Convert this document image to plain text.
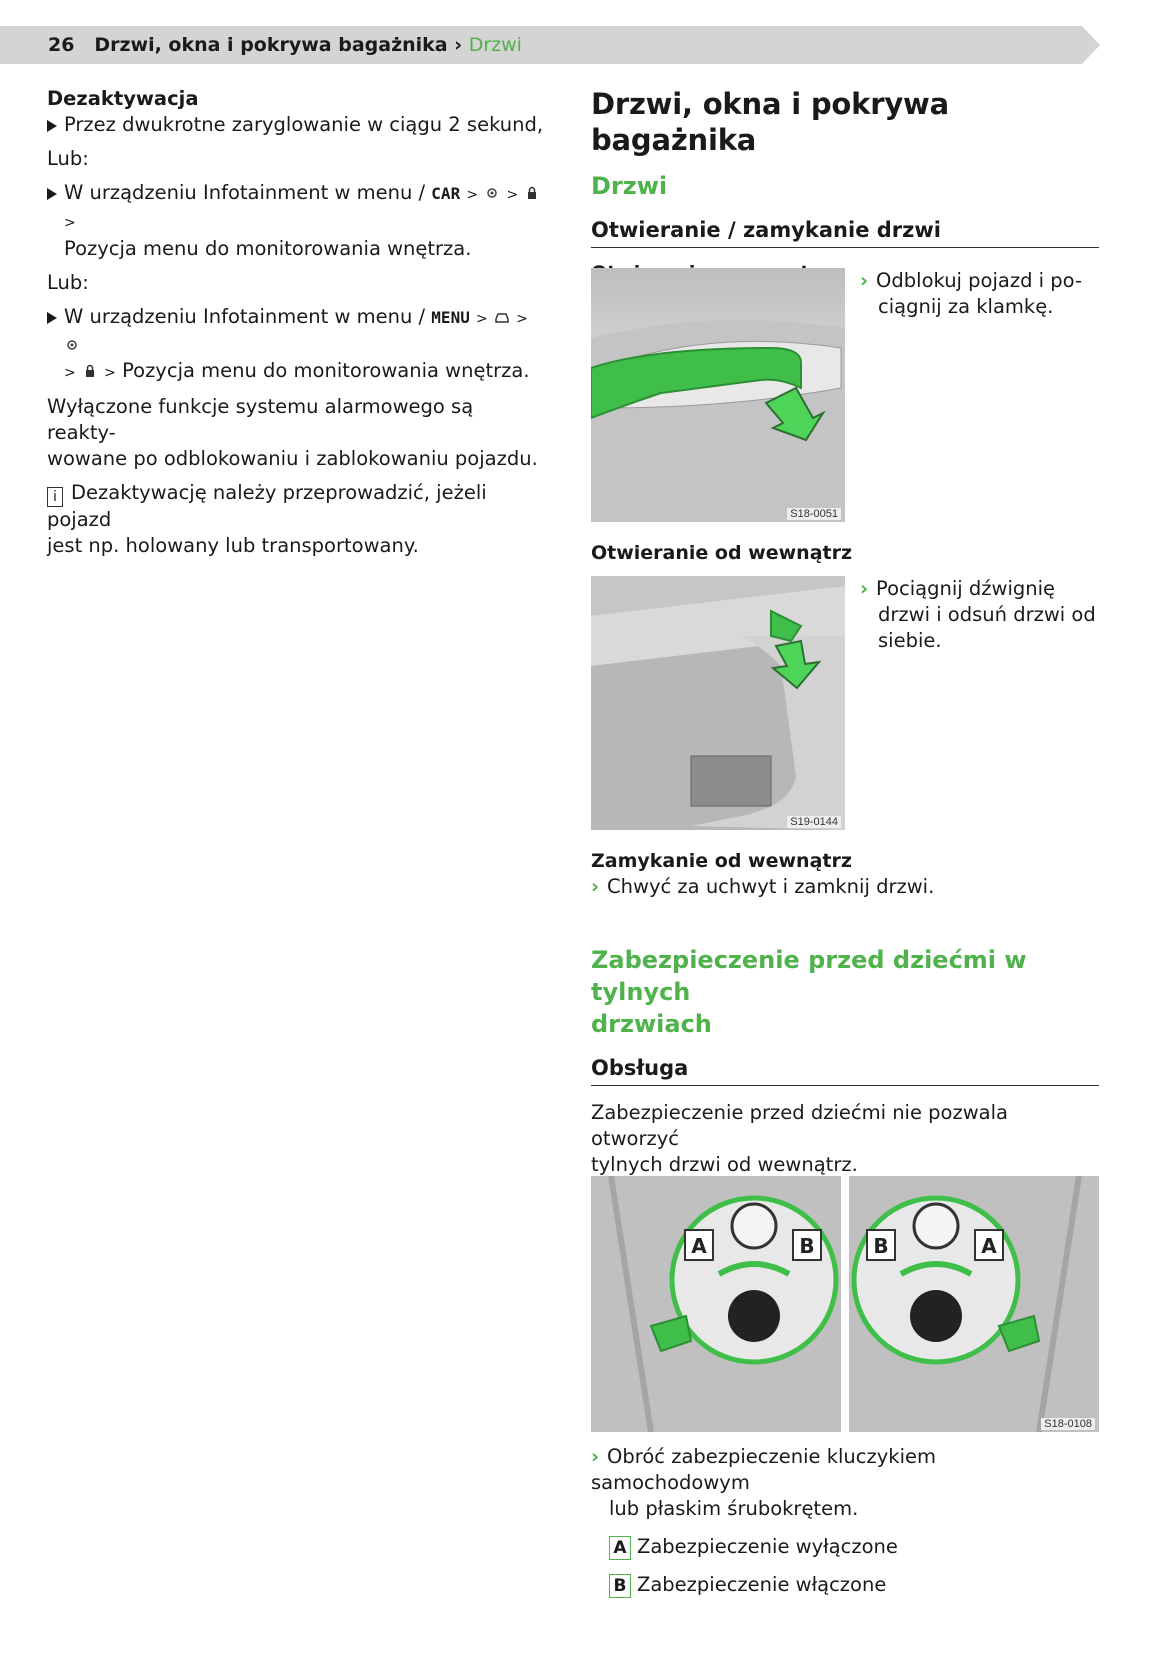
26 Drzwi, okna i pokrywa bagażnika › Drzwi
Dezaktywacja
Przez dwukrotne zaryglowanie w ciągu 2 sekund,
Lub:
W urządzeniu Infotainment w menu / CAR > >  >
Pozycja menu do monitorowania wnętrza.
Lub:
W urządzeniu Infotainment w menu / MENU > >
> > Pozycja menu do monitorowania wnętrza.
Wyłączone funkcje systemu alarmowego są reakty-
wowane po odblokowaniu i zablokowaniu pojazdu.
i Dezaktywację należy przeprowadzić, jeżeli pojazd
jest np. holowany lub transportowany.
Drzwi, okna i pokrywa bagażnika
Drzwi
Otwieranie / zamykanie drzwi
S18-0051
› Odblokuj pojazd i po-
ciągnij za klamkę.
Otwieranie od wewnątrz
S19-0144
› Pociągnij dźwignię
drzwi i odsuń drzwi od
siebie.
Zamykanie od wewnątrz
› Chwyć za uchwyt i zamknij drzwi.
Zabezpieczenie przed dziećmi w tylnych
drzwiach
Obsługa
Zabezpieczenie przed dziećmi nie pozwala otworzyć
tylnych drzwi od wewnątrz.
A	B	B	A
S18-0108
› Obróć zabezpieczenie kluczykiem samochodowym
lub płaskim śrubokrętem.
A Zabezpieczenie wyłączone
B Zabezpieczenie włączone
